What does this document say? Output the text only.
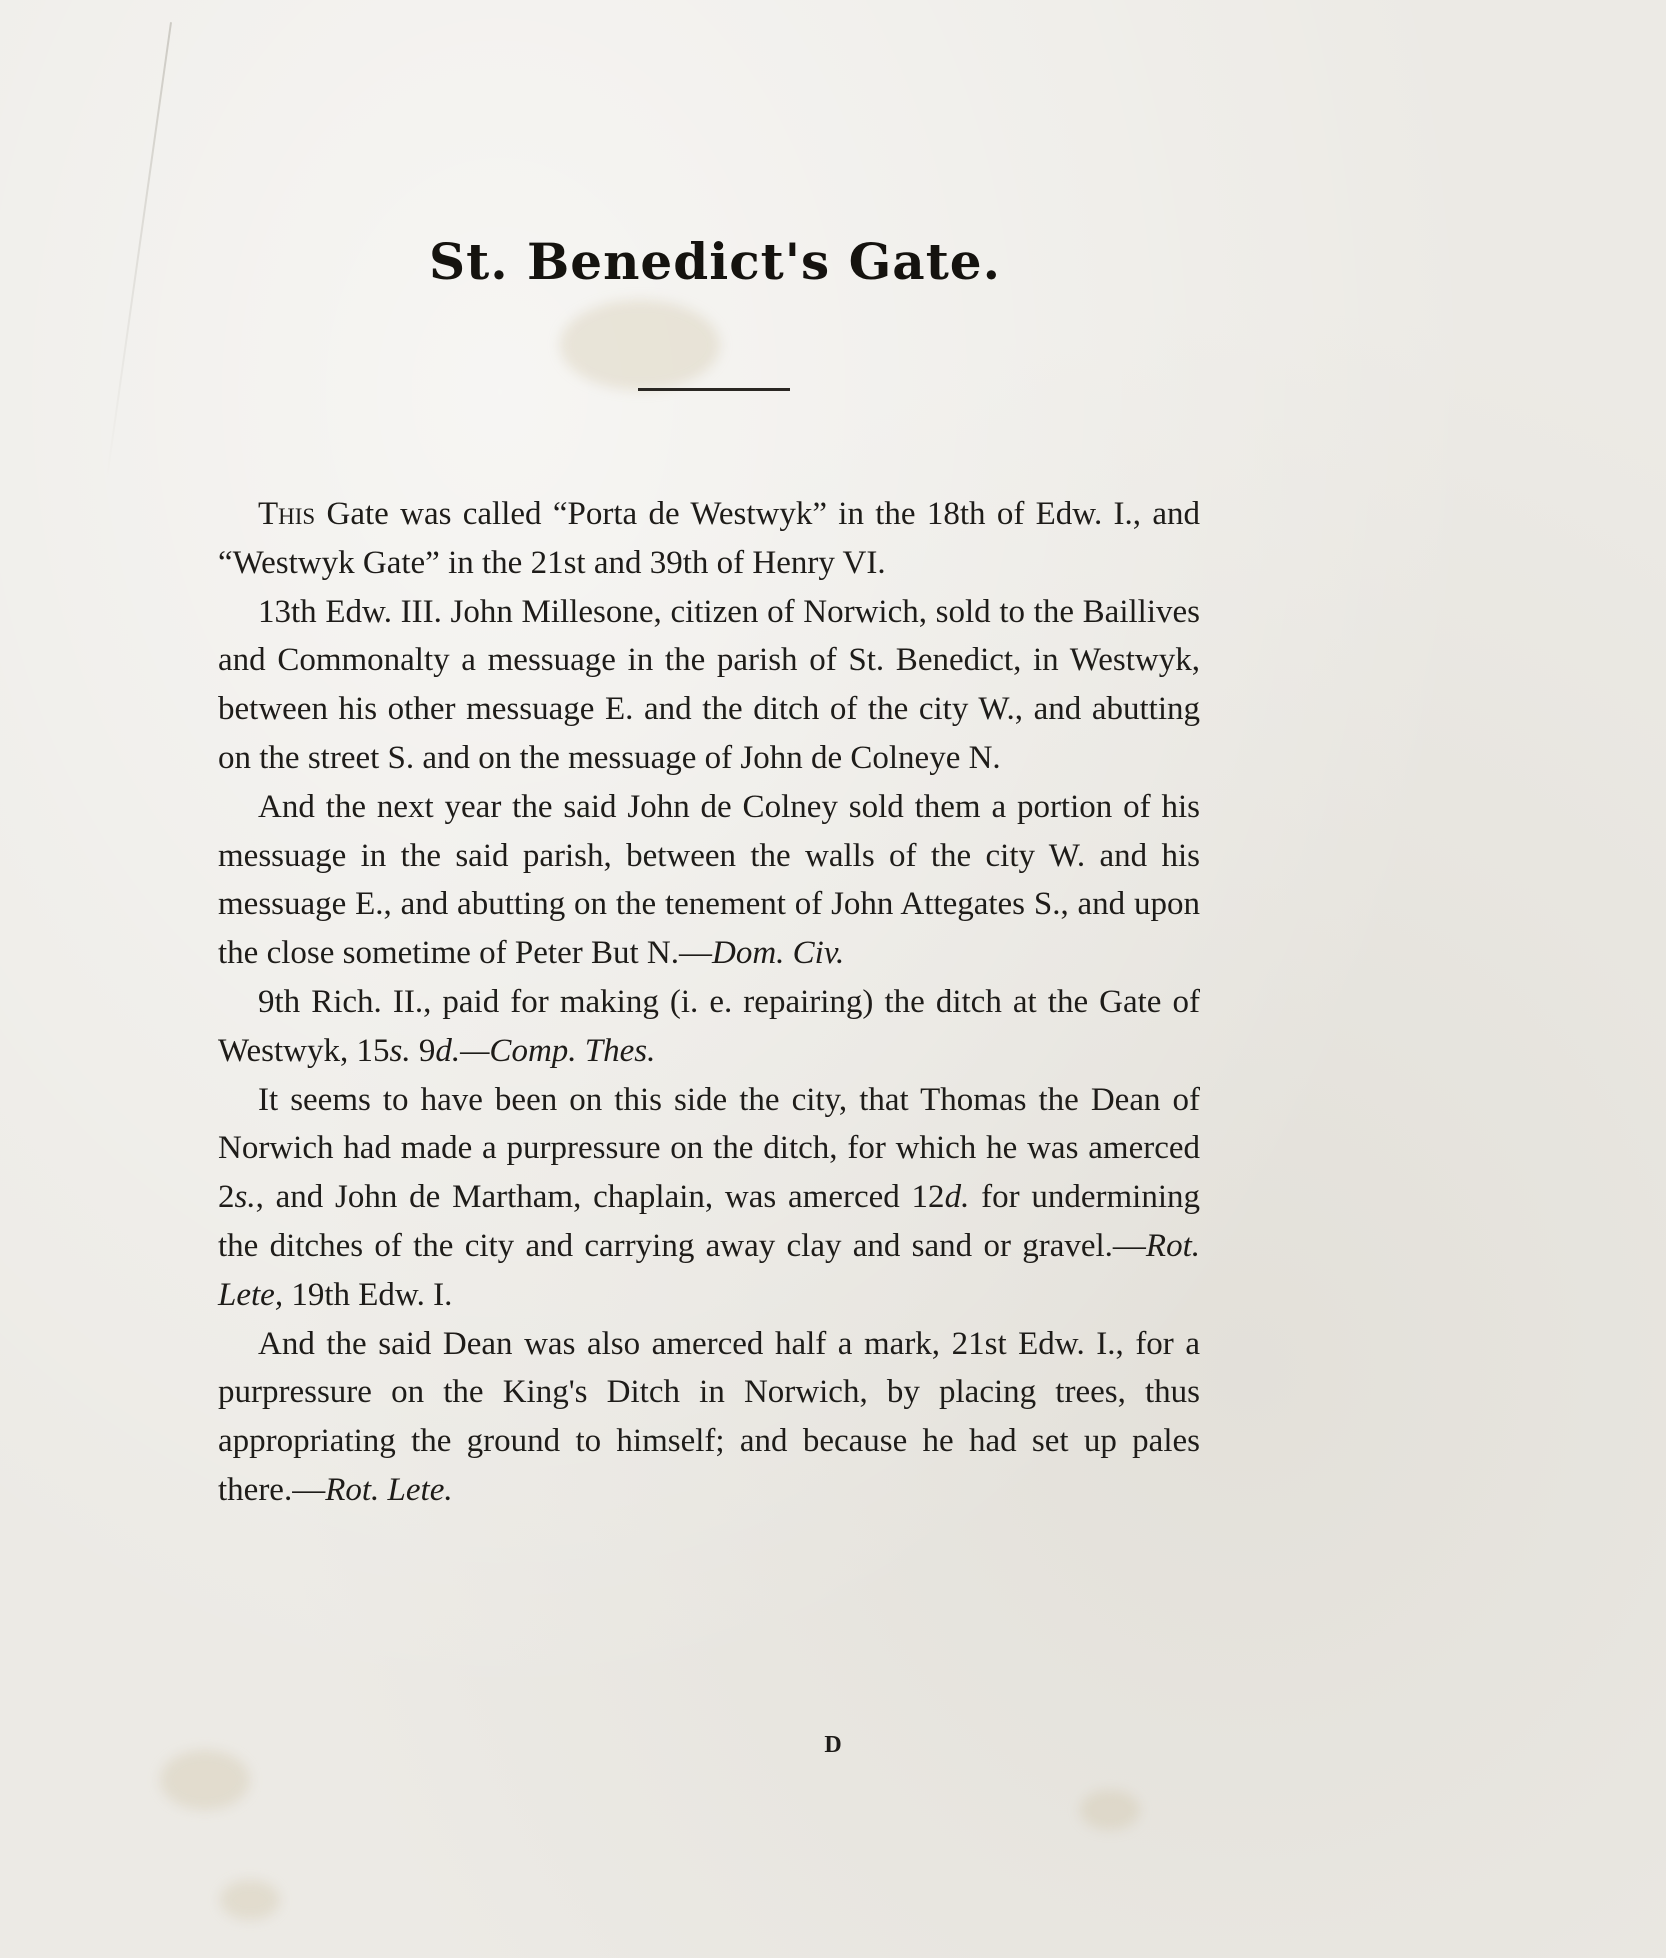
St. Benedict's Gate.

This Gate was called “Porta de Westwyk” in the 18th of Edw. I., and “Westwyk Gate” in the 21st and 39th of Henry VI.

13th Edw. III. John Millesone, citizen of Norwich, sold to the Baillives and Commonalty a messuage in the parish of St. Benedict, in Westwyk, between his other messuage E. and the ditch of the city W., and abutting on the street S. and on the messuage of John de Colneye N.

And the next year the said John de Colney sold them a portion of his messuage in the said parish, between the walls of the city W. and his messuage E., and abutting on the tenement of John Attegates S., and upon the close sometime of Peter But N.—Dom. Civ.

9th Rich. II., paid for making (i. e. repairing) the ditch at the Gate of Westwyk, 15s. 9d.—Comp. Thes.

It seems to have been on this side the city, that Thomas the Dean of Norwich had made a purpressure on the ditch, for which he was amerced 2s., and John de Martham, chaplain, was amerced 12d. for undermining the ditches of the city and carrying away clay and sand or gravel.—Rot. Lete, 19th Edw. I.

And the said Dean was also amerced half a mark, 21st Edw. I., for a purpressure on the King's Ditch in Norwich, by placing trees, thus appropriating the ground to himself; and because he had set up pales there.—Rot. Lete.

D
